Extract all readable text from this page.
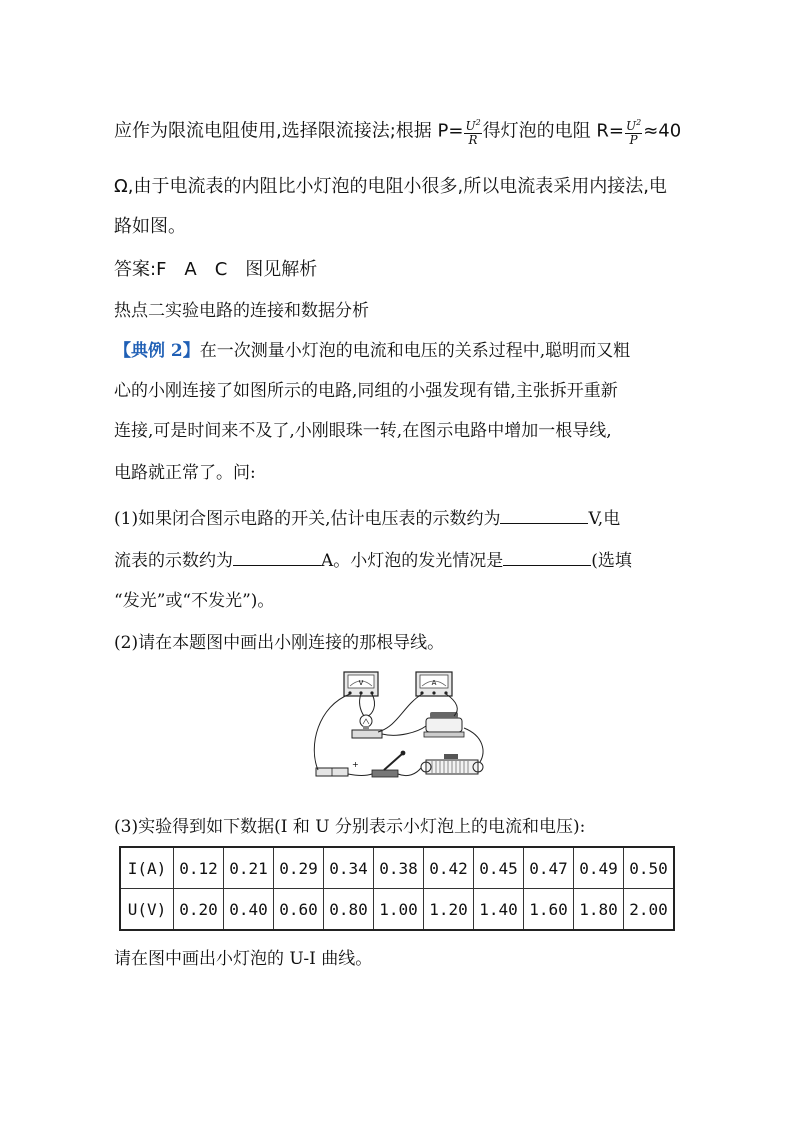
应作为限流电阻使用,选择限流接法;根据 $P= \frac{U^2}{R}$ 得灯泡的电阻 $R= \frac{U^2}{P} \approx 40$
Ω,由于电流表的内阻比小灯泡的电阻小很多,所以电流表采用内接法,电
路如图。
答案:F　A　C　图见解析
热点二实验电路的连接和数据分析
【典例 2】在一次测量小灯泡的电流和电压的关系过程中,聪明而又粗
心的小刚连接了如图所示的电路,同组的小强发现有错,主张拆开重新
连接,可是时间来不及了,小刚眼珠一转,在图示电路中增加一根导线,
电路就正常了。问:
(1)如果闭合图示电路的开关,估计电压表的示数约为	V,电
流表的示数约为	A。小灯泡的发光情况是	(选填
“发光”或“不发光”)。
(2)请在本题图中画出小刚连接的那根导线。
V	A
+
(3)实验得到如下数据(I 和 U 分别表示小灯泡上的电流和电压):
I(A)	0.12	0.21	0.29	0.34	0.38	0.42	0.45	0.47	0.49	0.50
U(V)	0.20	0.40	0.60	0.80	1.00	1.20	1.40	1.60	1.80	2.00
请在图中画出小灯泡的 U-I 曲线。
